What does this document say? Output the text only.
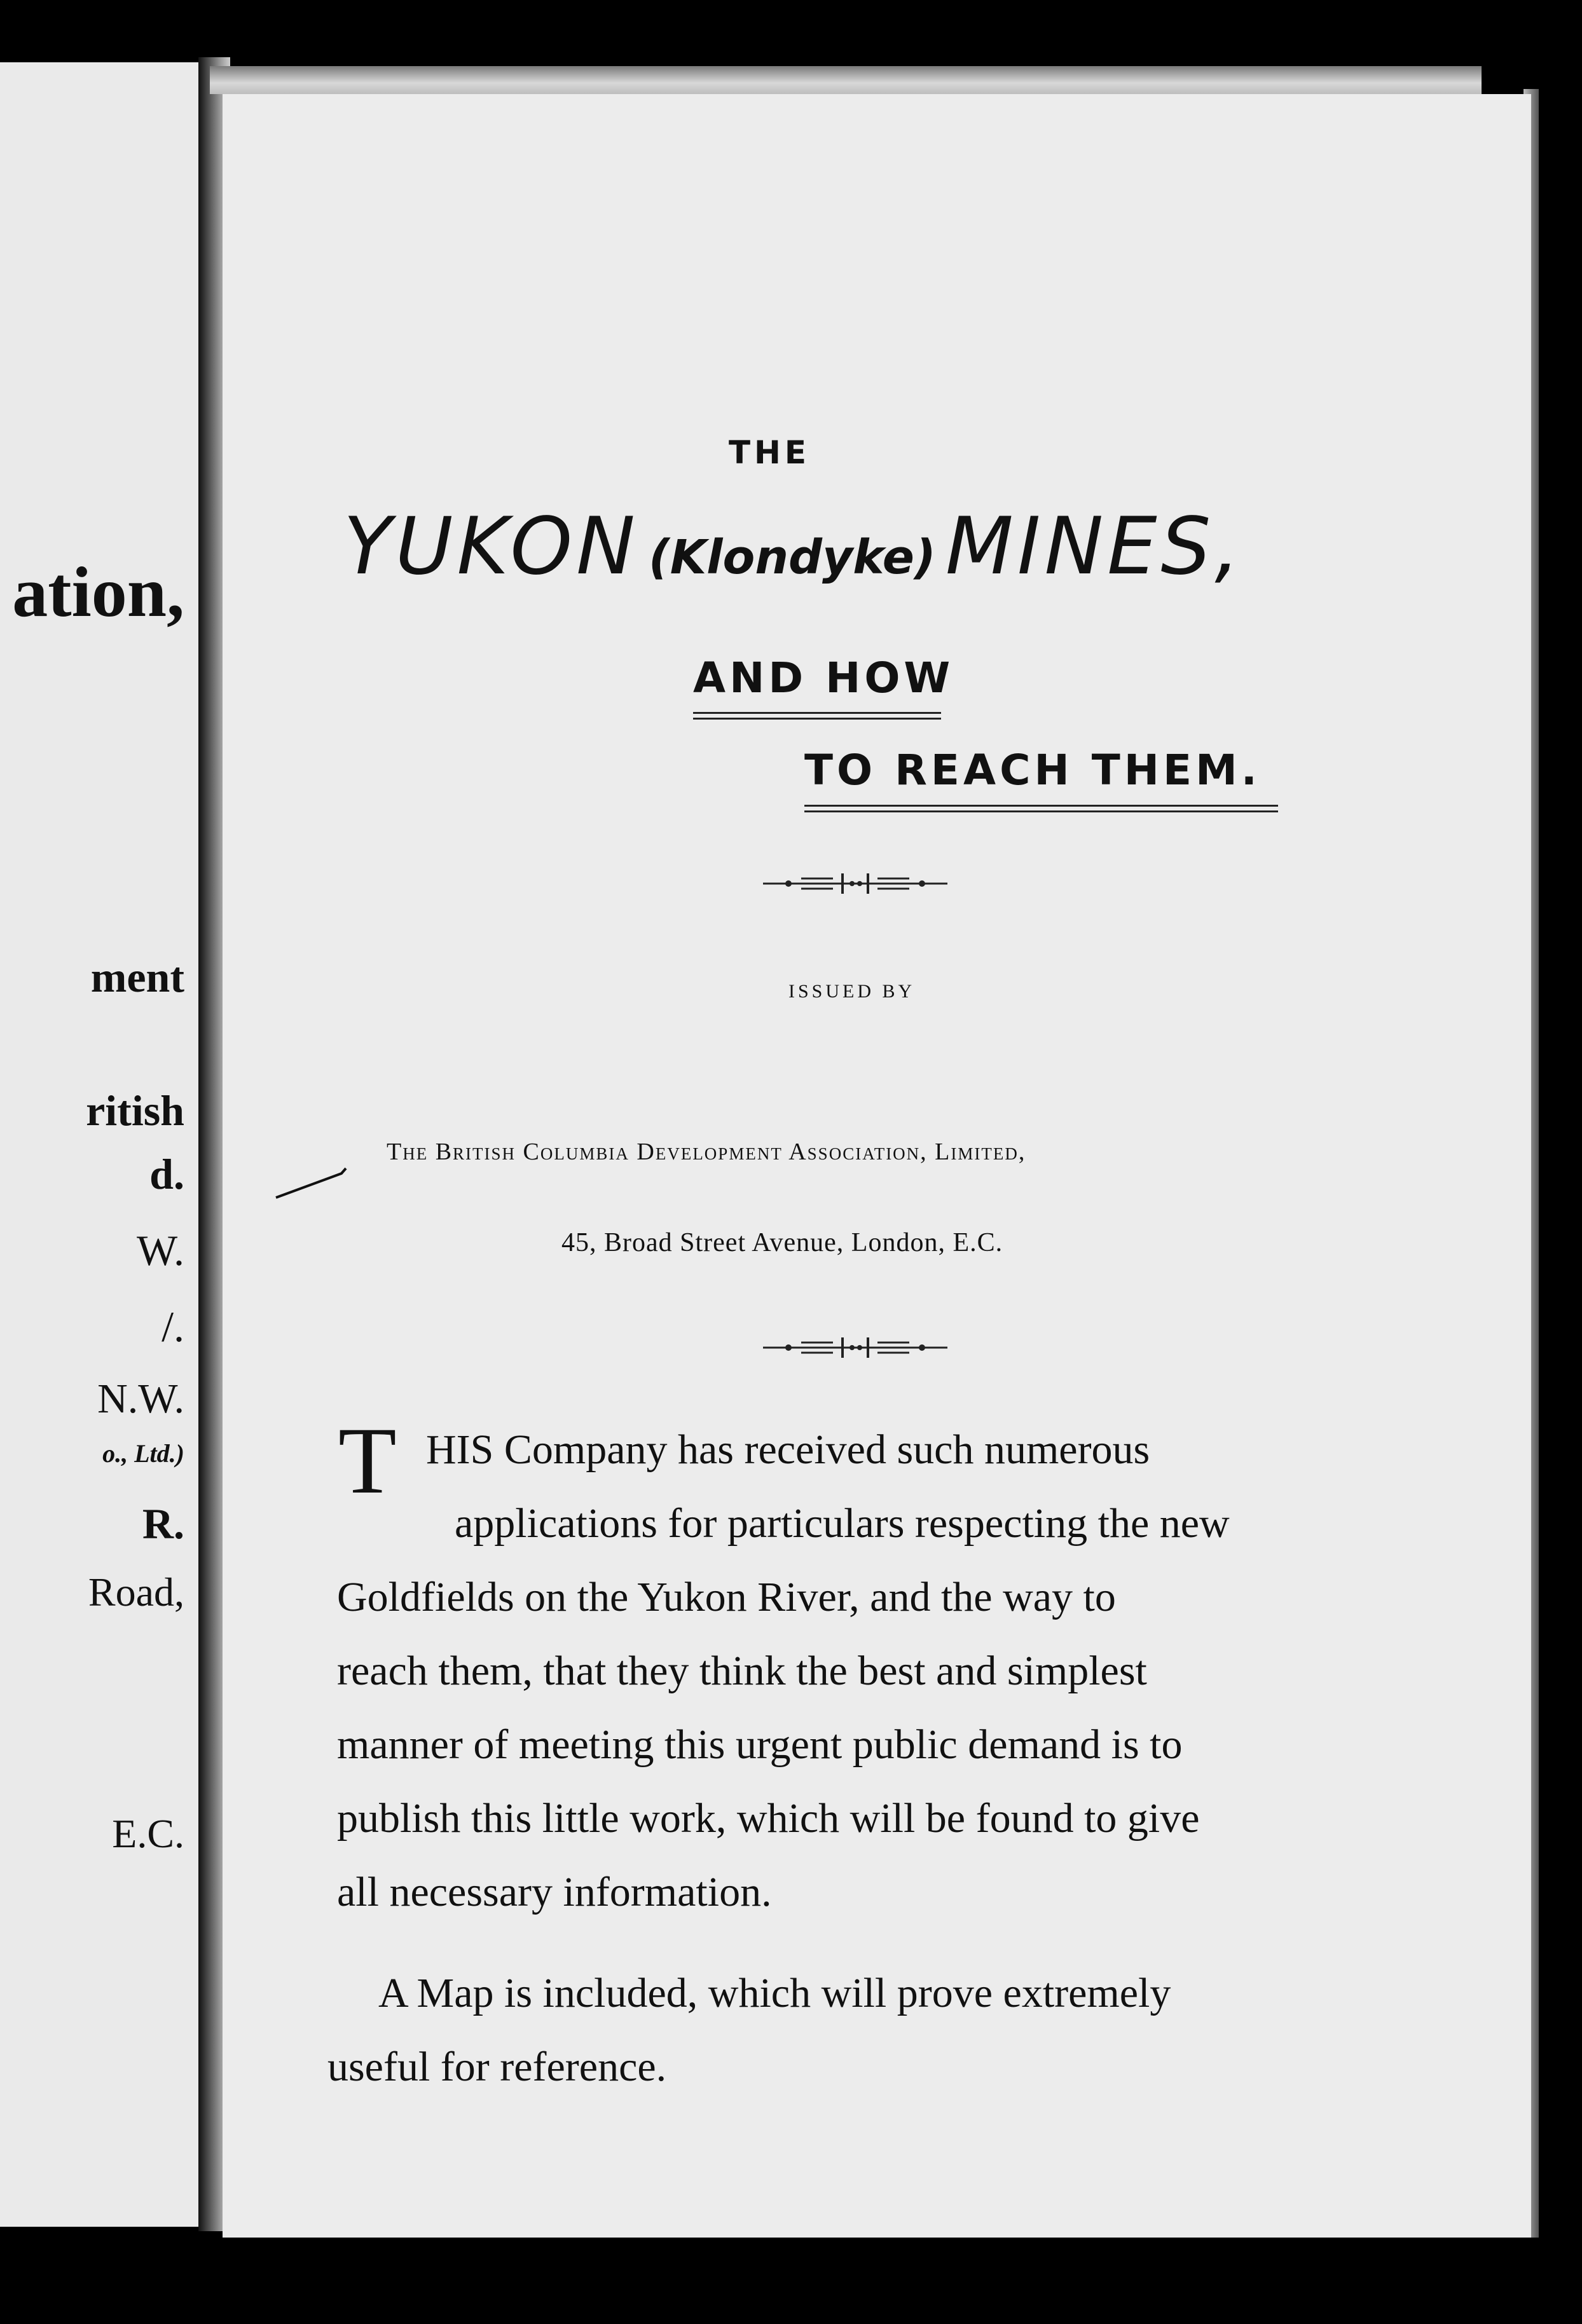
ation,
ment
ritish
d.
W.
/.
N.W.
o., Ltd.)
R.
Road,
E.C.
THE
YUKON (Klondyke) MINES,
AND HOW
TO REACH THEM.
ISSUED BY
The British Columbia Development Association, Limited,
45, Broad Street Avenue, London, E.C.
T HIS Company has received such numerous
applications for particulars respecting the new
Goldfields on the Yukon River, and the way to
reach them, that they think the best and simplest
manner of meeting this urgent public demand is to
publish this little work, which will be found to give
all necessary information.
A Map is included, which will prove extremely
useful for reference.
